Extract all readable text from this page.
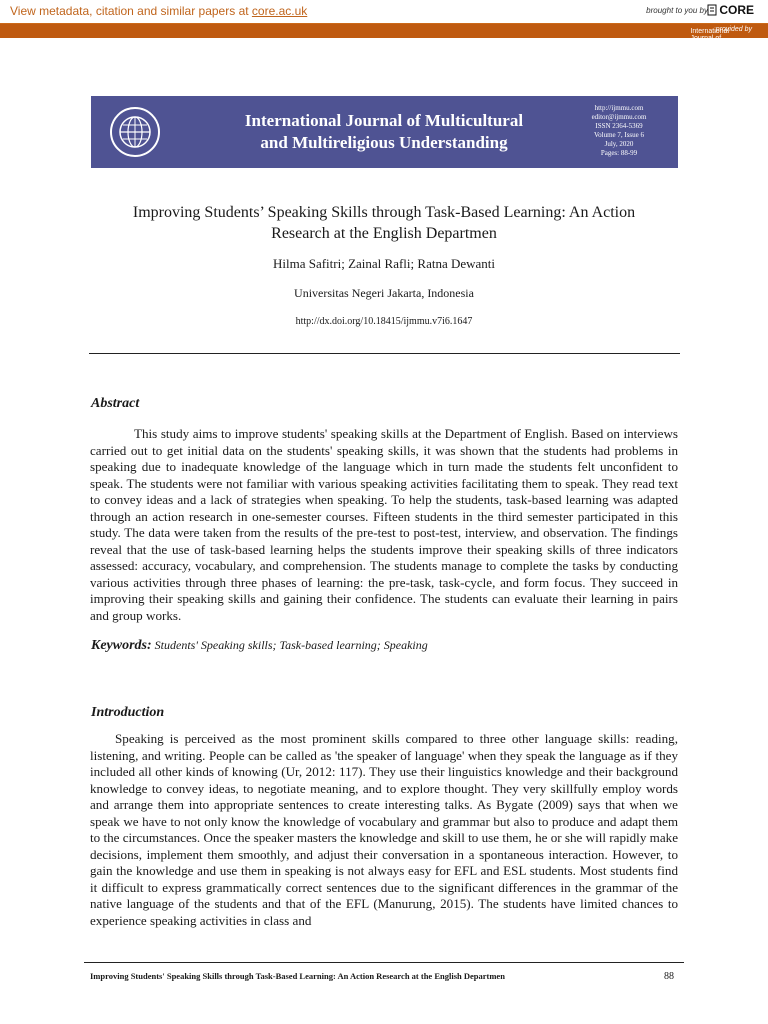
View metadata, citation and similar papers at core.ac.uk	brought to you by CORE
provided by
International Journal of Multicultural and Multireligious Understanding (IJMMU)
International Journal of Multicultural
and Multireligious Understanding
http://ijmmu.com
editor@ijmmu.com
ISSN 2364-5369
Volume 7, Issue 6
July, 2020
Pages: 88-99
Improving Students’ Speaking Skills through Task-Based Learning: An Action
Research at the English Departmen
Hilma Safitri; Zainal Rafli; Ratna Dewanti
Universitas Negeri Jakarta, Indonesia
http://dx.doi.org/10.18415/ijmmu.v7i6.1647
Abstract

This study aims to improve students' speaking skills at the Department of English. Based on interviews carried out to get initial data on the students' speaking skills, it was shown that the students had problems in speaking due to inadequate knowledge of the language which in turn made the students felt unconfident to speak. The students were not familiar with various speaking activities facilitating them to speak. They read text to convey ideas and a lack of strategies when speaking. To help the students, task-based learning was adapted through an action research in one-semester courses. Fifteen students in the third semester participated in this study. The data were taken from the results of the pre-test to post-test, interview, and observation. The findings reveal that the use of task-based learning helps the students improve their speaking skills of three indicators assessed: accuracy, vocabulary, and comprehension. The students manage to complete the tasks by conducting various activities through three phases of learning: the pre-task, task-cycle, and form focus. They succeed in improving their speaking skills and gaining their confidence. The students can evaluate their learning in pairs and group works.

Keywords: Students' Speaking skills; Task-based learning; Speaking
Introduction

Speaking is perceived as the most prominent skills compared to three other language skills: reading, listening, and writing. People can be called as 'the speaker of language' when they speak the language as if they included all other kinds of knowing (Ur, 2012: 117). They use their linguistics knowledge and their background knowledge to convey ideas, to negotiate meaning, and to explore thought. They very skillfully employ words and arrange them into appropriate sentences to create interesting talks. As Bygate (2009) says that when we speak we have to not only know the knowledge of vocabulary and grammar but also to produce and adapt them to the circumstances. Once the speaker masters the knowledge and skill to use them, he or she will rapidly make decisions, implement them smoothly, and adjust their conversation in a spontaneous interaction. However, to gain the knowledge and use them in speaking is not always easy for EFL and ESL students. Most students find it difficult to express grammatically correct sentences due to the significant differences in the grammar of the native language of the students and that of the EFL (Manurung, 2015). The students have limited chances to experience speaking activities in class and

Improving Students' Speaking Skills through Task-Based Learning: An Action Research at the English Departmen	88
